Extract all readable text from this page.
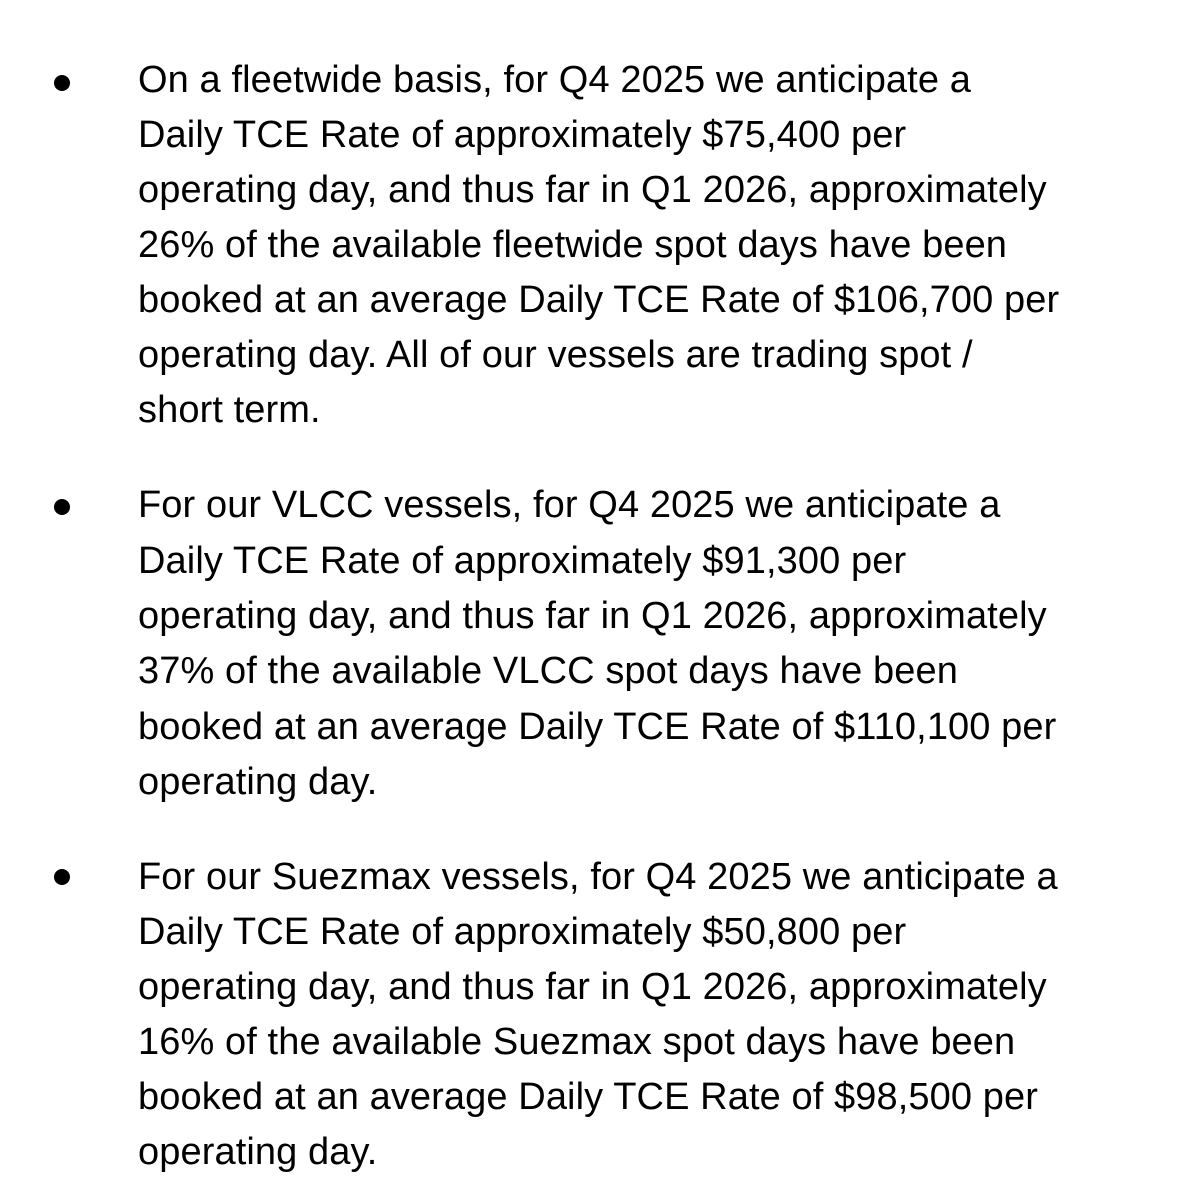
On a fleetwide basis, for Q4 2025 we anticipate a
Daily TCE Rate of approximately $75,400 per
operating day, and thus far in Q1 2026, approximately
26% of the available fleetwide spot days have been
booked at an average Daily TCE Rate of $106,700 per
operating day. All of our vessels are trading spot /
short term.
For our VLCC vessels, for Q4 2025 we anticipate a
Daily TCE Rate of approximately $91,300 per
operating day, and thus far in Q1 2026, approximately
37% of the available VLCC spot days have been
booked at an average Daily TCE Rate of $110,100 per
operating day.
For our Suezmax vessels, for Q4 2025 we anticipate a
Daily TCE Rate of approximately $50,800 per
operating day, and thus far in Q1 2026, approximately
16% of the available Suezmax spot days have been
booked at an average Daily TCE Rate of $98,500 per
operating day.
